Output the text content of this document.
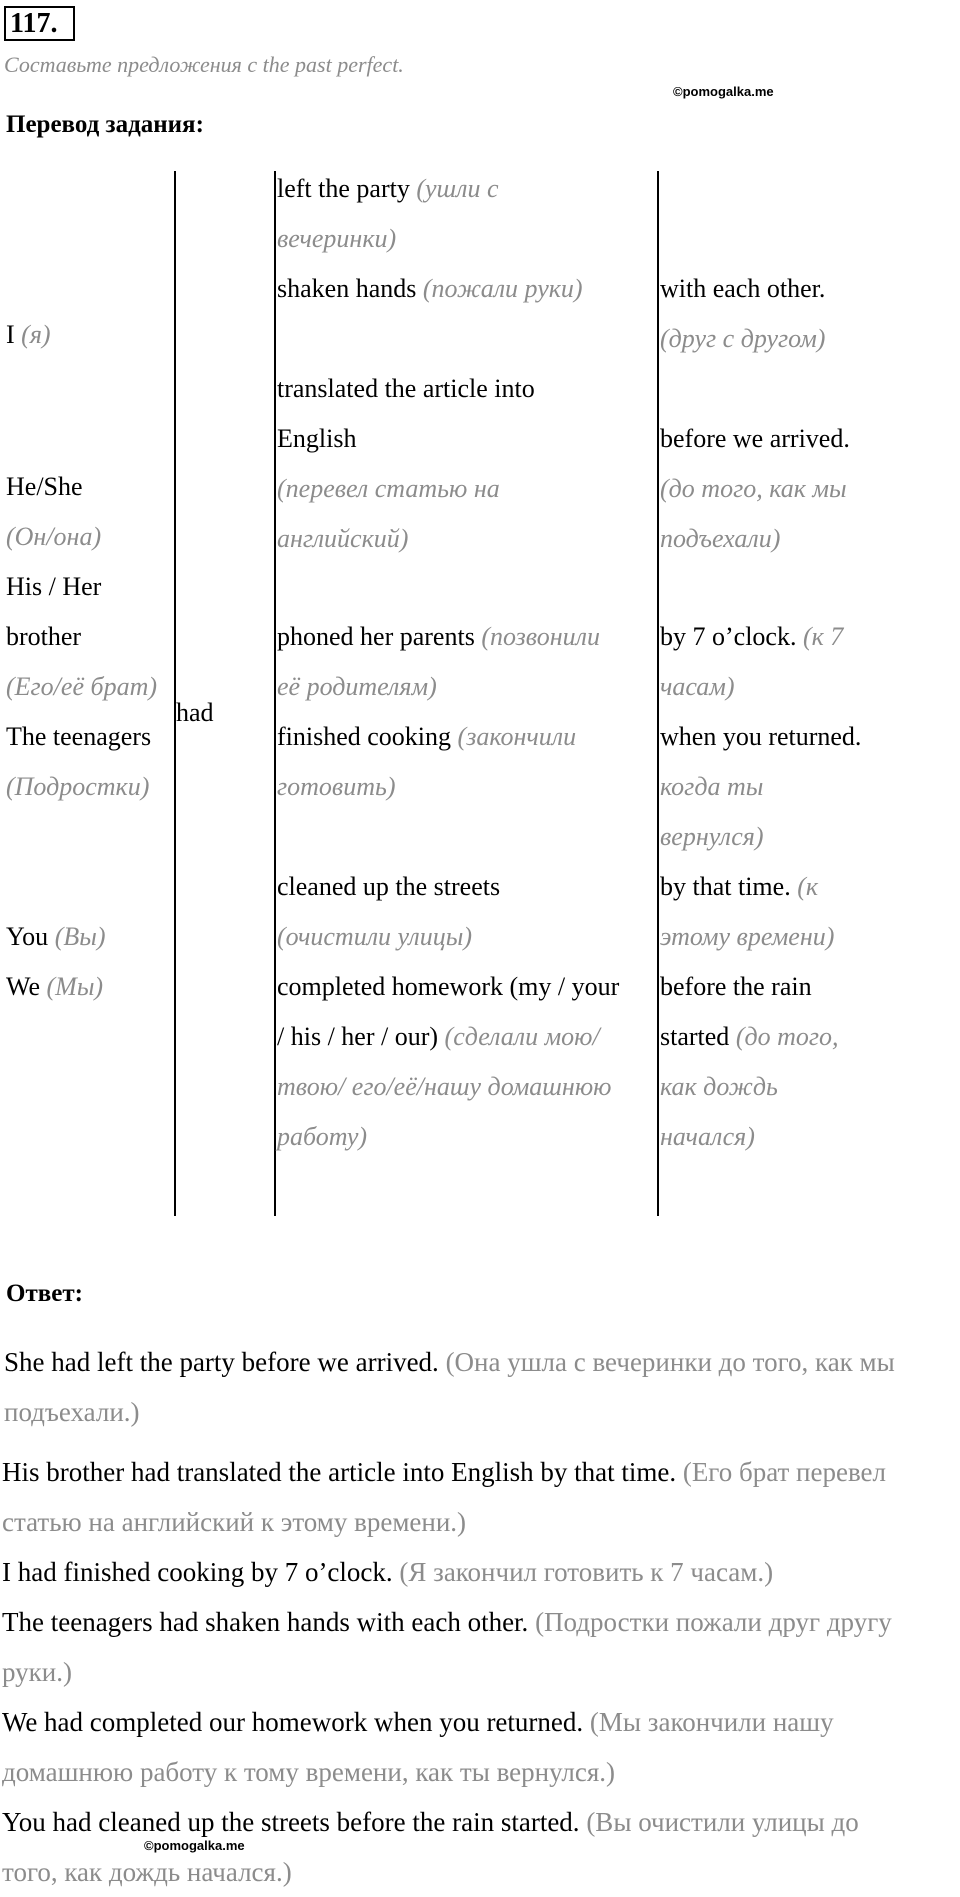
117.
Составьте предложения с the past perfect.
©pomogalka.me
Перевод задания:
I (я)
He/She
(Он/она)
His / Her
brother
(Его/её брат)
The teenagers
(Подростки)
You (Вы)
We (Мы)
left the party (ушли с
вечеринки)
shaken hands (пожали руки)
translated the article into
English
(перевел статью на
английский)
phoned her parents (позвонили
её родителям)
finished cooking (закончили
готовить)
cleaned up the streets
(очистили улицы)
completed homework (my / your
/ his / her / our) (сделали мою/
твою/ его/её/нашу домашнюю
работу)
with each other.
(друг с другом)
before we arrived.
(до того, как мы
подъехали)
by 7 o’clock. (к 7
часам)
when you returned.
когда ты
вернулся)
by that time. (к
этому времени)
before the rain
started (до того,
как дождь
начался)
had
Ответ:
She had left the party before we arrived. (Она ушла с вечеринки до того, как мы
подъехали.)
His brother had translated the article into English by that time. (Его брат перевел
статью на английский к этому времени.)
I had finished cooking by 7 o’clock. (Я закончил готовить к 7 часам.)
The teenagers had shaken hands with each other. (Подростки пожали друг другу
руки.)
We had completed our homework when you returned. (Мы закончили нашу
домашнюю работу к тому времени, как ты вернулся.)
You had cleaned up the streets before the rain started. (Вы очистили улицы до
того, как дождь начался.)
©pomogalka.me
